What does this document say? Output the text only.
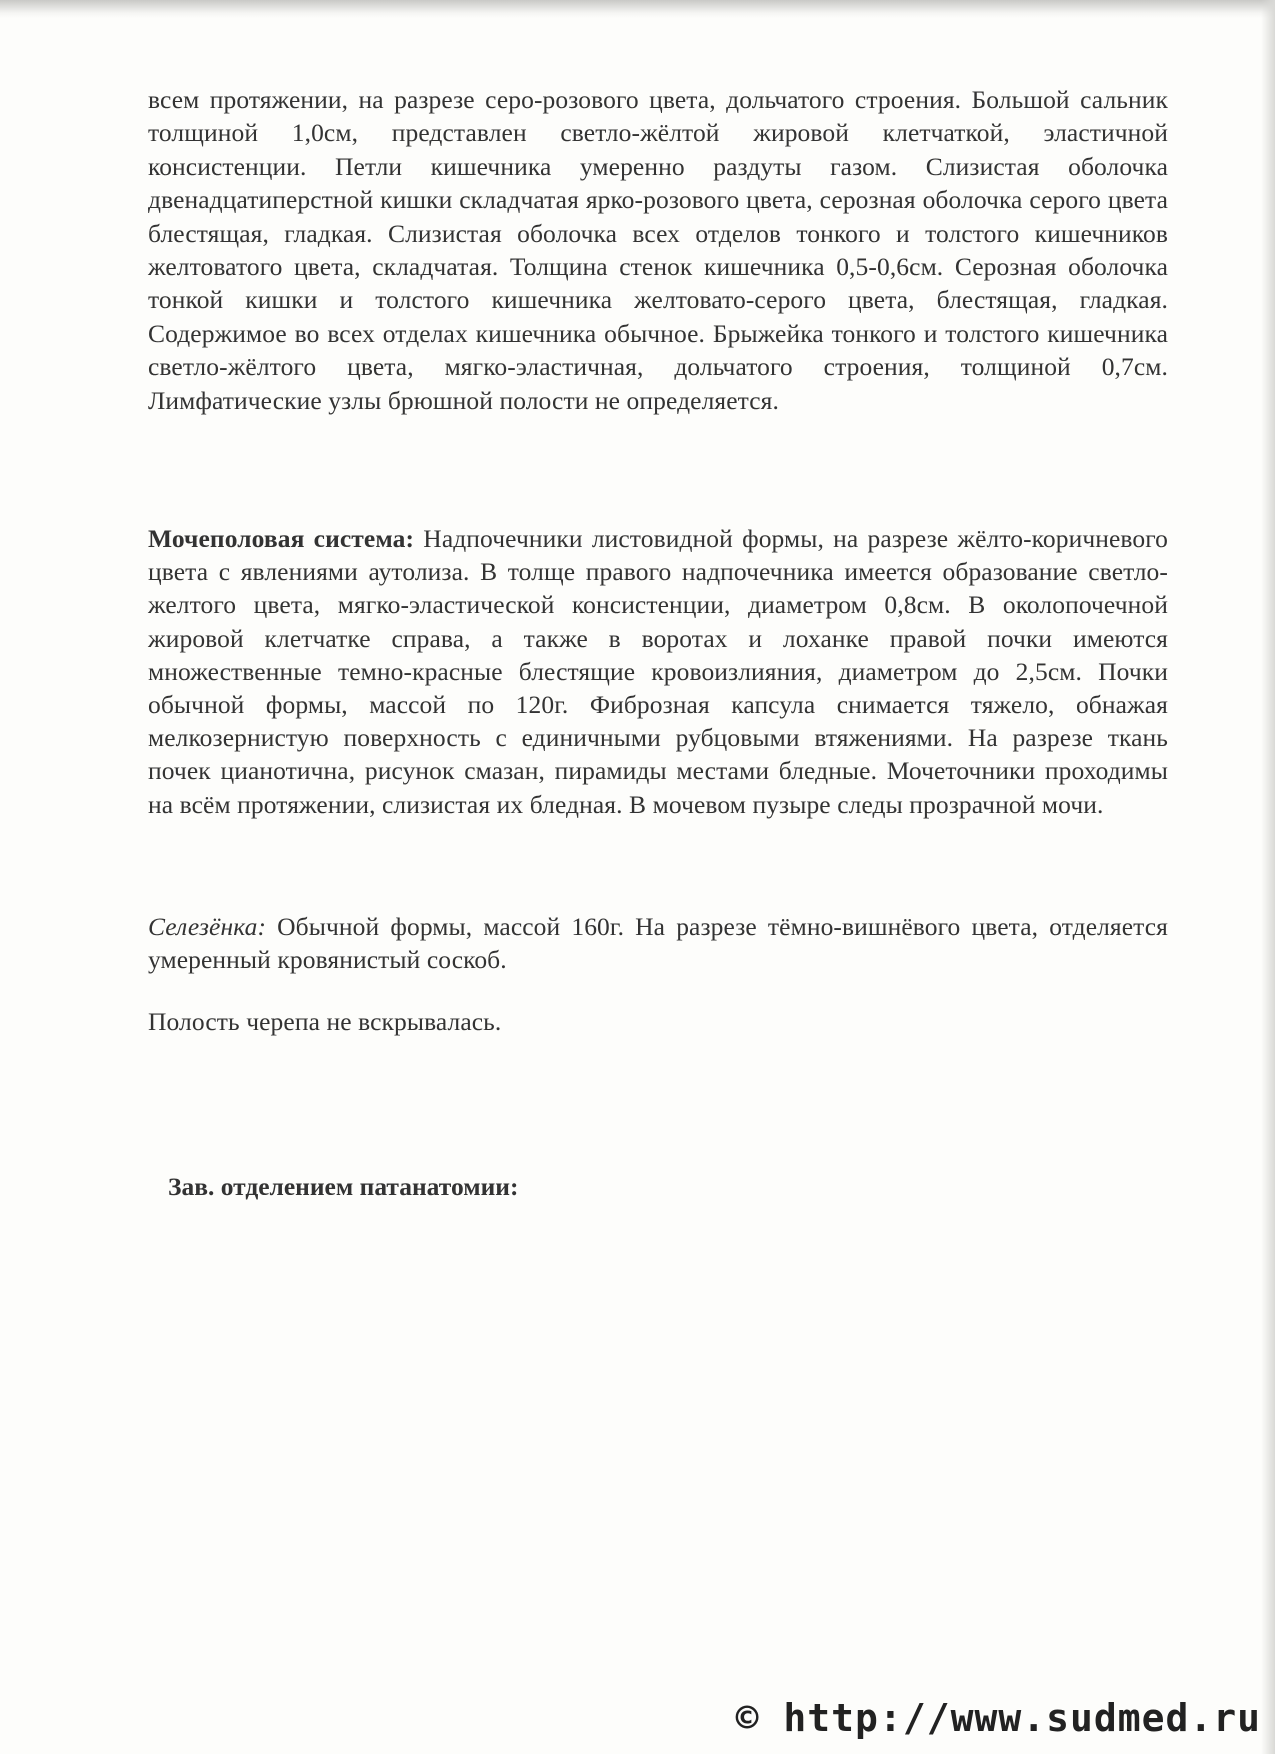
всем протяжении, на разрезе серо-розового цвета, дольчатого строения. Большой сальник толщиной 1,0см, представлен светло-жёлтой жировой клетчаткой, эластичной консистенции. Петли кишечника умеренно раздуты газом. Слизистая оболочка двенадцатиперстной кишки складчатая ярко-розового цвета, серозная оболочка серого цвета блестящая, гладкая. Слизистая оболочка всех отделов тонкого и толстого кишечников желтоватого цвета, складчатая. Толщина стенок кишечника 0,5-0,6см. Серозная оболочка тонкой кишки и толстого кишечника желтовато-серого цвета, блестящая, гладкая. Содержимое во всех отделах кишечника обычное. Брыжейка тонкого и толстого кишечника светло-жёлтого цвета, мягко-эластичная, дольчатого строения, толщиной 0,7см. Лимфатические узлы брюшной полости не определяется.

Мочеполовая система: Надпочечники листовидной формы, на разрезе жёлто-коричневого цвета с явлениями аутолиза. В толще правого надпочечника имеется образование светло-желтого цвета, мягко-эластической консистенции, диаметром 0,8см. В околопочечной жировой клетчатке справа, а также в воротах и лоханке правой почки имеются множественные темно-красные блестящие кровоизлияния, диаметром до 2,5см. Почки обычной формы, массой по 120г. Фиброзная капсула снимается тяжело, обнажая мелкозернистую поверхность с единичными рубцовыми втяжениями. На разрезе ткань почек цианотична, рисунок смазан, пирамиды местами бледные. Мочеточники проходимы на всём протяжении, слизистая их бледная. В мочевом пузыре следы прозрачной мочи.

Селезёнка: Обычной формы, массой 160г. На разрезе тёмно-вишнёвого цвета, отделяется умеренный кровянистый соскоб.

Полость черепа не вскрывалась.

Зав. отделением патанатомии:

© http://www.sudmed.ru
